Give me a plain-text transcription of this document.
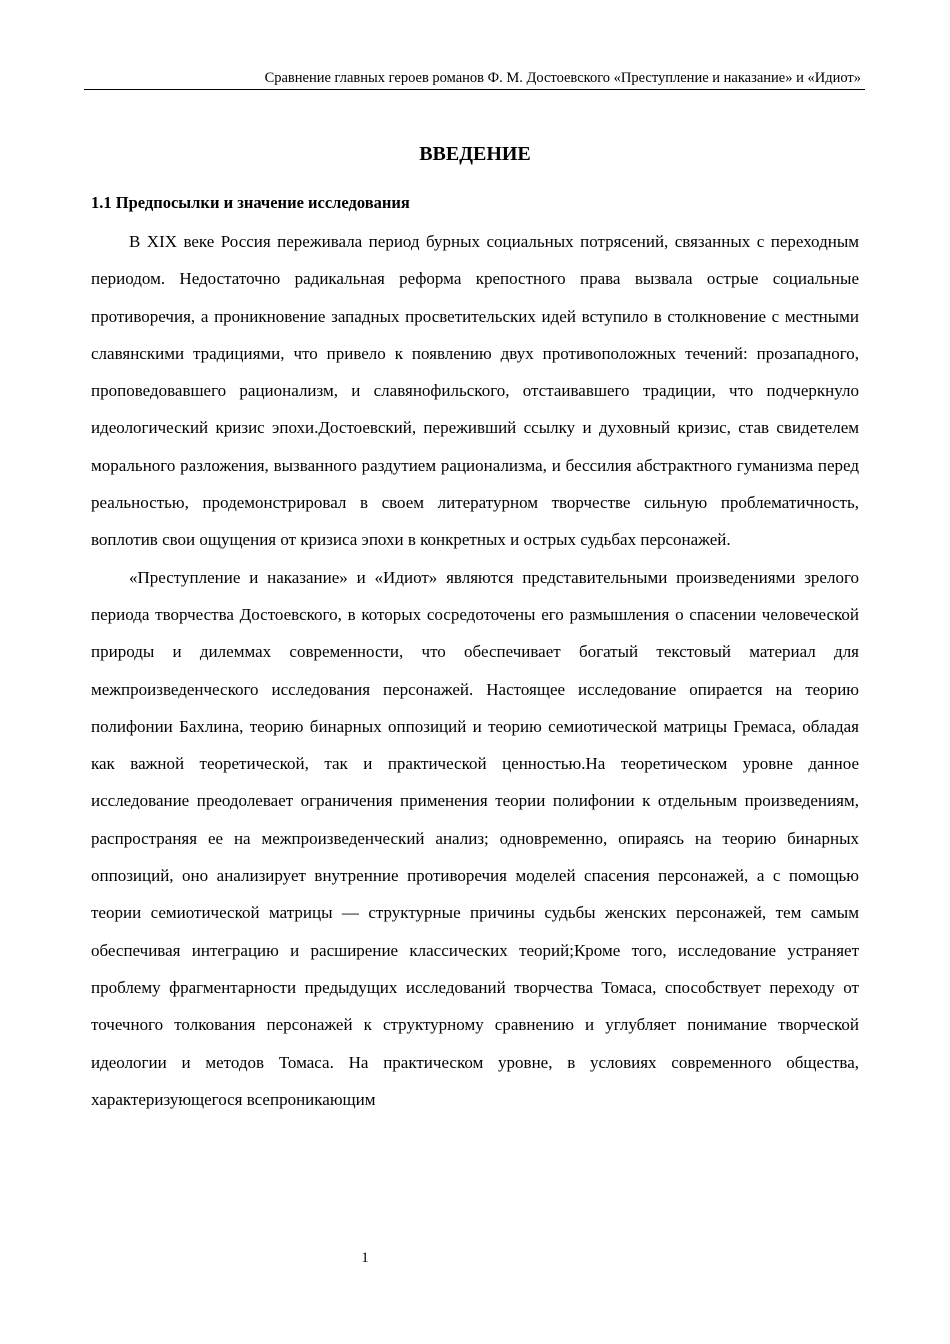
Сравнение главных героев романов Ф. М. Достоевского «Преступление и наказание» и «Идиот»
ВВЕДЕНИЕ
1.1 Предпосылки и значение исследования

В XIX веке Россия переживала период бурных социальных потрясений, связанных с переходным периодом. Недостаточно радикальная реформа крепостного права вызвала острые социальные противоречия, а проникновение западных просветительских идей вступило в столкновение с местными славянскими традициями, что привело к появлению двух противоположных течений: прозападного, проповедовавшего рационализм, и славянофильского, отстаивавшего традиции, что подчеркнуло идеологический кризис эпохи.Достоевский, переживший ссылку и духовный кризис, став свидетелем морального разложения, вызванного раздутием рационализма, и бессилия абстрактного гуманизма перед реальностью, продемонстрировал в своем литературном творчестве сильную проблематичность, воплотив свои ощущения от кризиса эпохи в конкретных и острых судьбах персонажей.

«Преступление и наказание» и «Идиот» являются представительными произведениями зрелого периода творчества Достоевского, в которых сосредоточены его размышления о спасении человеческой природы и дилеммах современности, что обеспечивает богатый текстовый материал для межпроизведенческого исследования персонажей. Настоящее исследование опирается на теорию полифонии Бахлина, теорию бинарных оппозиций и теорию семиотической матрицы Гремаса, обладая как важной теоретической, так и практической ценностью.На теоретическом уровне данное исследование преодолевает ограничения применения теории полифонии к отдельным произведениям, распространяя ее на межпроизведенческий анализ; одновременно, опираясь на теорию бинарных оппозиций, оно анализирует внутренние противоречия моделей спасения персонажей, а с помощью теории семиотической матрицы — структурные причины судьбы женских персонажей, тем самым обеспечивая интеграцию и расширение классических теорий;Кроме того, исследование устраняет проблему фрагментарности предыдущих исследований творчества Томаса, способствует переходу от точечного толкования персонажей к структурному сравнению и углубляет понимание творческой идеологии и методов Томаса. На практическом уровне, в условиях современного общества, характеризующегося всепроникающим

1
